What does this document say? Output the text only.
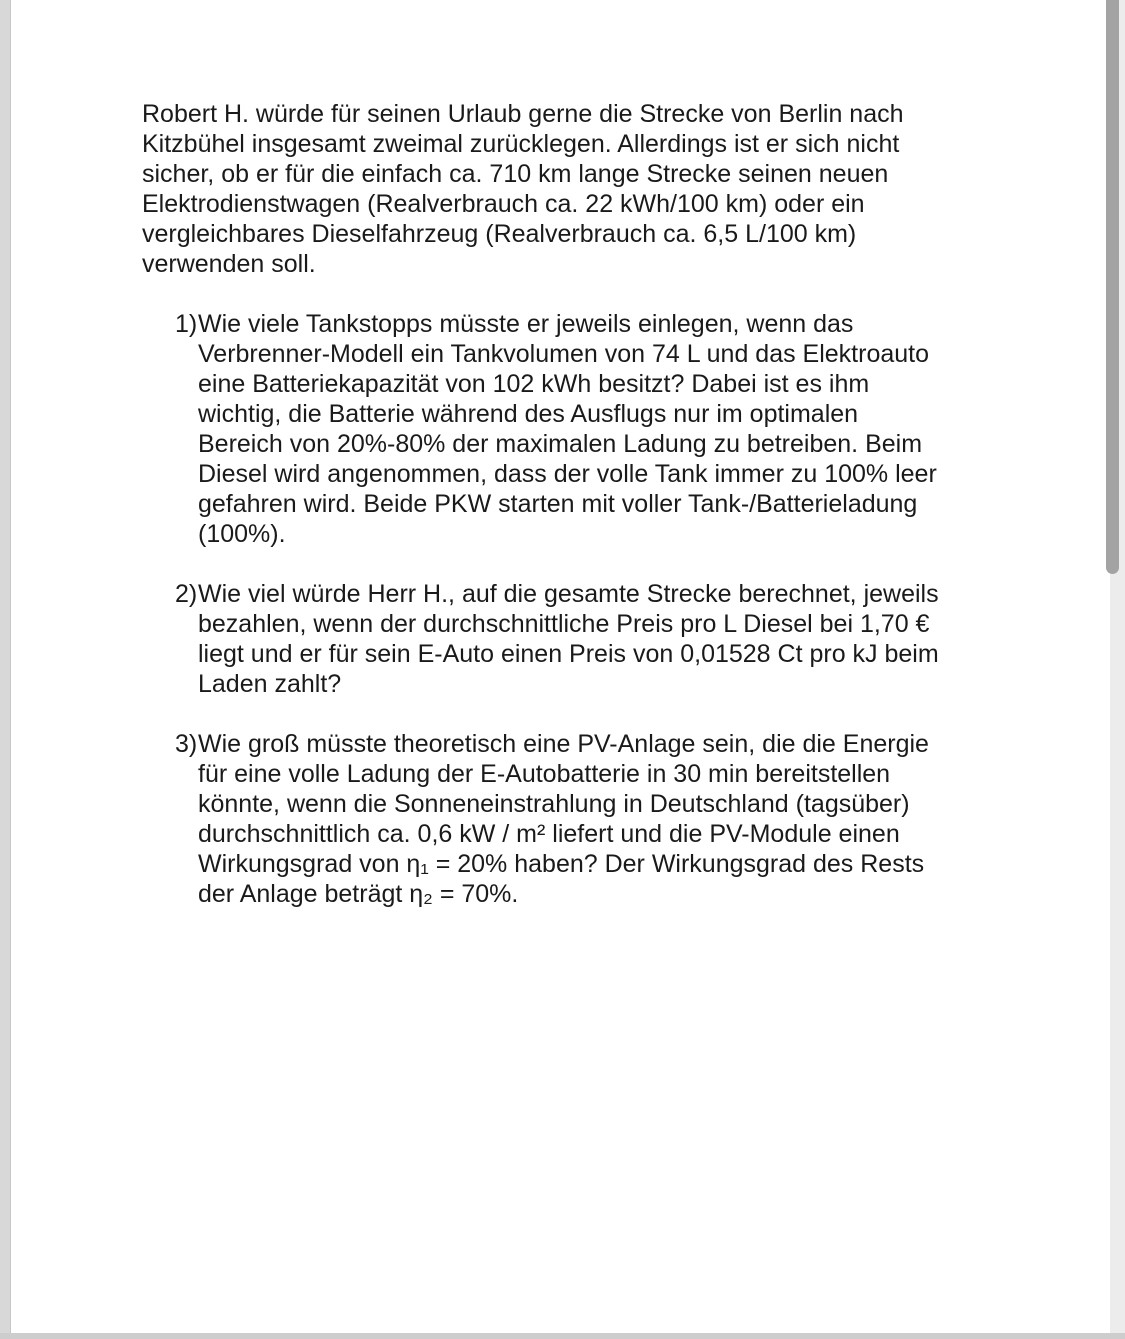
Robert H. würde für seinen Urlaub gerne die Strecke von Berlin nach
Kitzbühel insgesamt zweimal zurücklegen. Allerdings ist er sich nicht
sicher, ob er für die einfach ca. 710 km lange Strecke seinen neuen
Elektrodienstwagen (Realverbrauch ca. 22 kWh/100 km) oder ein
vergleichbares Dieselfahrzeug (Realverbrauch ca. 6,5 L/100 km)
verwenden soll.
1) Wie viele Tankstopps müsste er jeweils einlegen, wenn das
Verbrenner-Modell ein Tankvolumen von 74 L und das Elektroauto
eine Batteriekapazität von 102 kWh besitzt? Dabei ist es ihm
wichtig, die Batterie während des Ausflugs nur im optimalen
Bereich von 20%-80% der maximalen Ladung zu betreiben. Beim
Diesel wird angenommen, dass der volle Tank immer zu 100% leer
gefahren wird. Beide PKW starten mit voller Tank-/Batterieladung
(100%).
2) Wie viel würde Herr H., auf die gesamte Strecke berechnet, jeweils
bezahlen, wenn der durchschnittliche Preis pro L Diesel bei 1,70 €
liegt und er für sein E-Auto einen Preis von 0,01528 Ct pro kJ beim
Laden zahlt?
3) Wie groß müsste theoretisch eine PV-Anlage sein, die die Energie
für eine volle Ladung der E-Autobatterie in 30 min bereitstellen
könnte, wenn die Sonneneinstrahlung in Deutschland (tagsüber)
durchschnittlich ca. 0,6 kW / m² liefert und die PV-Module einen
Wirkungsgrad von η₁ = 20% haben? Der Wirkungsgrad des Rests
der Anlage beträgt η₂ = 70%.
